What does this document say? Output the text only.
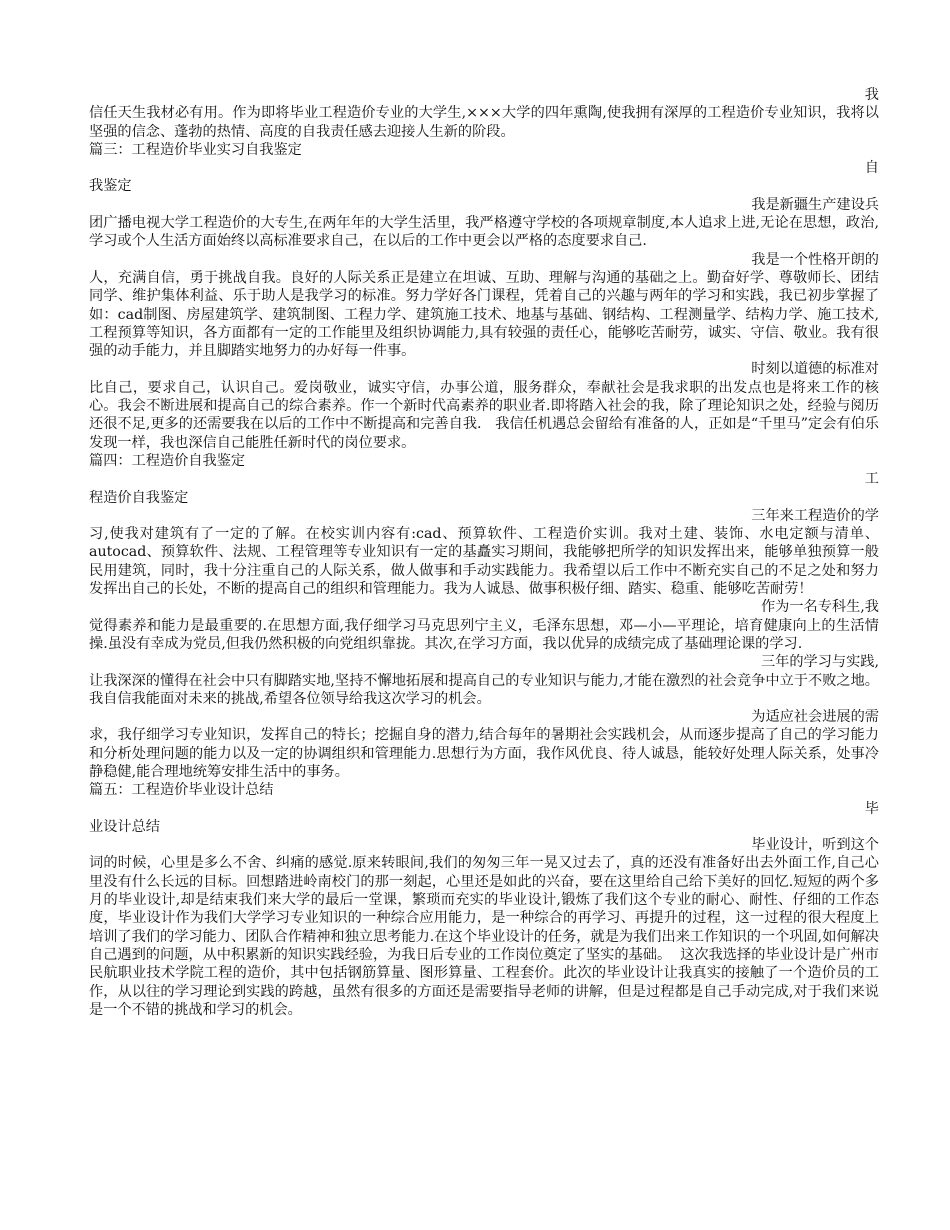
我
信任天生我材必有用。作为即将毕业工程造价专业的大学生,×××大学的四年熏陶,使我拥有深厚的工程造价专业知识，我将以坚强的信念、蓬勃的热情、高度的自我责任感去迎接人生新的阶段。
篇三：工程造价毕业实习自我鉴定
自
我鉴定
我是新疆生产建设兵
团广播电视大学工程造价的大专生,在两年年的大学生活里，我严格遵守学校的各项规章制度,本人追求上进,无论在思想，政治,学习或个人生活方面始终以高标准要求自己，在以后的工作中更会以严格的态度要求自己.
我是一个性格开朗的
人，充满自信，勇于挑战自我。良好的人际关系正是建立在坦诚、互助、理解与沟通的基础之上。勤奋好学、尊敬师长、团结同学、维护集体利益、乐于助人是我学习的标准。努力学好各门课程，凭着自己的兴趣与两年的学习和实践，我已初步掌握了如：cad制图、房屋建筑学、建筑制图、工程力学、建筑施工技术、地基与基础、钢结构、工程测量学、结构力学、施工技术,工程预算等知识，各方面都有一定的工作能里及组织协调能力,具有较强的责任心，能够吃苦耐劳，诚实、守信、敬业。我有很强的动手能力，并且脚踏实地努力的办好每一件事。
时刻以道德的标准对
比自己，要求自己，认识自己。爱岗敬业，诚实守信，办事公道，服务群众，奉献社会是我求职的出发点也是将来工作的核心。我会不断进展和提高自己的综合素养。作一个新时代高素养的职业者.即将踏入社会的我，除了理论知识之处，经验与阅历还很不足,更多的还需要我在以后的工作中不断提高和完善自我.   我信任机遇总会留给有准备的人，正如是“千里马”定会有伯乐发现一样，我也深信自己能胜任新时代的岗位要求。
篇四：工程造价自我鉴定
工
程造价自我鉴定
三年来工程造价的学
习,使我对建筑有了一定的了解。在校实训内容有:cad、预算软件、工程造价实训。我对土建、装饰、水电定额与清单、autocad、预算软件、法规、工程管理等专业知识有一定的基矗实习期间，我能够把所学的知识发挥出来，能够单独预算一般民用建筑，同时，我十分注重自己的人际关系，做人做事和手动实践能力。我希望以后工作中不断充实自己的不足之处和努力发挥出自己的长处，不断的提高自己的组织和管理能力。我为人诚恳、做事积极仔细、踏实、稳重、能够吃苦耐劳！
作为一名专科生,我
觉得素养和能力是最重要的.在思想方面,我仔细学习马克思列宁主义，毛泽东思想，邓—小—平理论，培育健康向上的生活情操.虽没有幸成为党员,但我仍然积极的向党组织靠拢。其次,在学习方面，我以优异的成绩完成了基础理论课的学习.
三年的学习与实践,
让我深深的懂得在社会中只有脚踏实地,坚持不懈地拓展和提高自己的专业知识与能力,才能在激烈的社会竞争中立于不败之地。我自信我能面对未来的挑战,希望各位领导给我这次学习的机会。
为适应社会进展的需
求，我仔细学习专业知识，发挥自己的特长；挖掘自身的潜力,结合每年的暑期社会实践机会，从而逐步提高了自己的学习能力和分析处理问题的能力以及一定的协调组织和管理能力.思想行为方面，我作风优良、待人诚恳，能较好处理人际关系，处事冷静稳健,能合理地统筹安排生活中的事务。
篇五：工程造价毕业设计总结
毕
业设计总结
毕业设计，听到这个
词的时候，心里是多么不舍、纠痛的感觉.原来转眼间,我们的匆匆三年一晃又过去了，真的还没有准备好出去外面工作,自己心里没有什么长远的目标。回想踏进岭南校门的那一刻起，心里还是如此的兴奋，要在这里给自己给下美好的回忆.短短的两个多月的毕业设计,却是结束我们来大学的最后一堂课，繁琐而充实的毕业设计,锻炼了我们这个专业的耐心、耐性、仔细的工作态度，毕业设计作为我们大学学习专业知识的一种综合应用能力，是一种综合的再学习、再提升的过程，这一过程的很大程度上培训了我们的学习能力、团队合作精神和独立思考能力.在这个毕业设计的任务，就是为我们出来工作知识的一个巩固,如何解决自己遇到的问题，从中积累新的知识实践经验，为我日后专业的工作岗位奠定了坚实的基础。  这次我选择的毕业设计是广州市民航职业技术学院工程的造价，其中包括钢筋算量、图形算量、工程套价。此次的毕业设计让我真实的接触了一个造价员的工作，从以往的学习理论到实践的跨越，虽然有很多的方面还是需要指导老师的讲解，但是过程都是自己手动完成,对于我们来说是一个不错的挑战和学习的机会。
